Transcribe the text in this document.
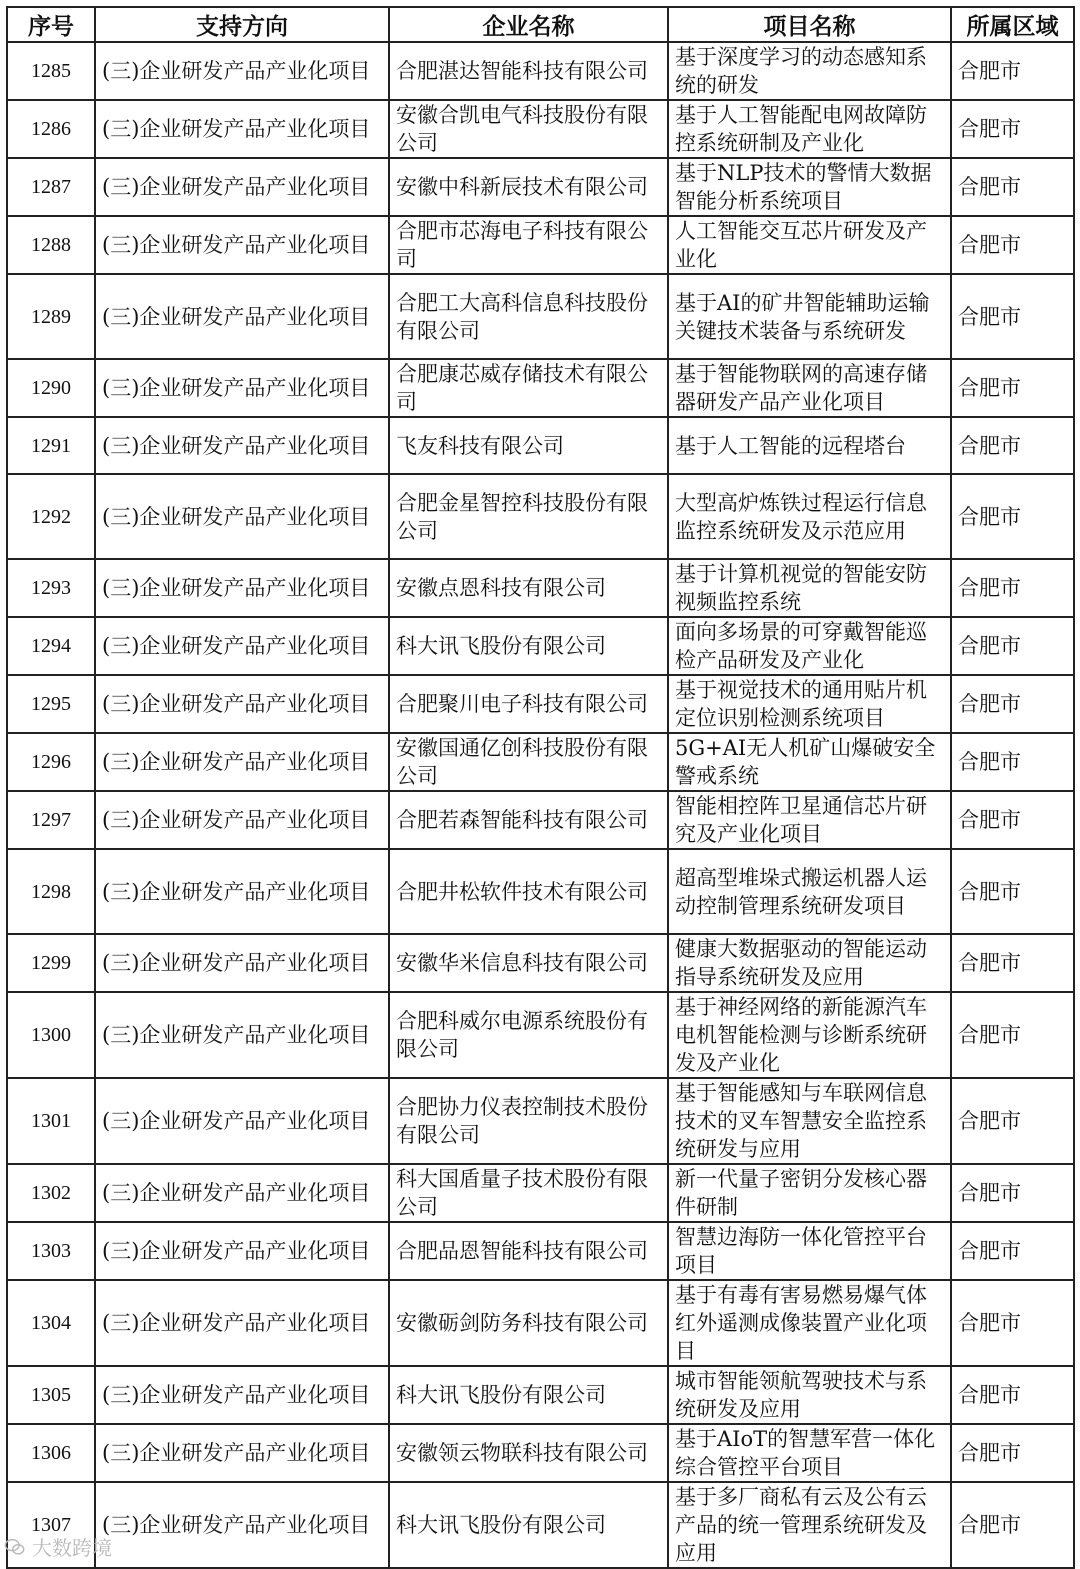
序号	支持方向	企业名称	项目名称	所属区域
1285	(三)企业研发产品产业化项目	合肥湛达智能科技有限公司	基于深度学习的动态感知系统的研发	合肥市
1286	(三)企业研发产品产业化项目	安徽合凯电气科技股份有限公司	基于人工智能配电网故障防控系统研制及产业化	合肥市
1287	(三)企业研发产品产业化项目	安徽中科新辰技术有限公司	基于NLP技术的警情大数据智能分析系统项目	合肥市
1288	(三)企业研发产品产业化项目	合肥市芯海电子科技有限公司	人工智能交互芯片研发及产业化	合肥市
1289	(三)企业研发产品产业化项目	合肥工大高科信息科技股份有限公司	基于AI的矿井智能辅助运输关键技术装备与系统研发	合肥市
1290	(三)企业研发产品产业化项目	合肥康芯威存储技术有限公司	基于智能物联网的高速存储器研发产品产业化项目	合肥市
1291	(三)企业研发产品产业化项目	飞友科技有限公司	基于人工智能的远程塔台	合肥市
1292	(三)企业研发产品产业化项目	合肥金星智控科技股份有限公司	大型高炉炼铁过程运行信息监控系统研发及示范应用	合肥市
1293	(三)企业研发产品产业化项目	安徽点恩科技有限公司	基于计算机视觉的智能安防视频监控系统	合肥市
1294	(三)企业研发产品产业化项目	科大讯飞股份有限公司	面向多场景的可穿戴智能巡检产品研发及产业化	合肥市
1295	(三)企业研发产品产业化项目	合肥聚川电子科技有限公司	基于视觉技术的通用贴片机定位识别检测系统项目	合肥市
1296	(三)企业研发产品产业化项目	安徽国通亿创科技股份有限公司	5G+AI无人机矿山爆破安全警戒系统	合肥市
1297	(三)企业研发产品产业化项目	合肥若森智能科技有限公司	智能相控阵卫星通信芯片研究及产业化项目	合肥市
1298	(三)企业研发产品产业化项目	合肥井松软件技术有限公司	超高型堆垛式搬运机器人运动控制管理系统研发项目	合肥市
1299	(三)企业研发产品产业化项目	安徽华米信息科技有限公司	健康大数据驱动的智能运动指导系统研发及应用	合肥市
1300	(三)企业研发产品产业化项目	合肥科威尔电源系统股份有限公司	基于神经网络的新能源汽车电机智能检测与诊断系统研发及产业化	合肥市
1301	(三)企业研发产品产业化项目	合肥协力仪表控制技术股份有限公司	基于智能感知与车联网信息技术的叉车智慧安全监控系统研发与应用	合肥市
1302	(三)企业研发产品产业化项目	科大国盾量子技术股份有限公司	新一代量子密钥分发核心器件研制	合肥市
1303	(三)企业研发产品产业化项目	合肥品恩智能科技有限公司	智慧边海防一体化管控平台项目	合肥市
1304	(三)企业研发产品产业化项目	安徽砺剑防务科技有限公司	基于有毒有害易燃易爆气体红外遥测成像装置产业化项目	合肥市
1305	(三)企业研发产品产业化项目	科大讯飞股份有限公司	城市智能领航驾驶技术与系统研发及应用	合肥市
1306	(三)企业研发产品产业化项目	安徽领云物联科技有限公司	基于AIoT的智慧军营一体化综合管控平台项目	合肥市
1307	(三)企业研发产品产业化项目	科大讯飞股份有限公司	基于多厂商私有云及公有云产品的统一管理系统研发及应用	合肥市
大数跨境
